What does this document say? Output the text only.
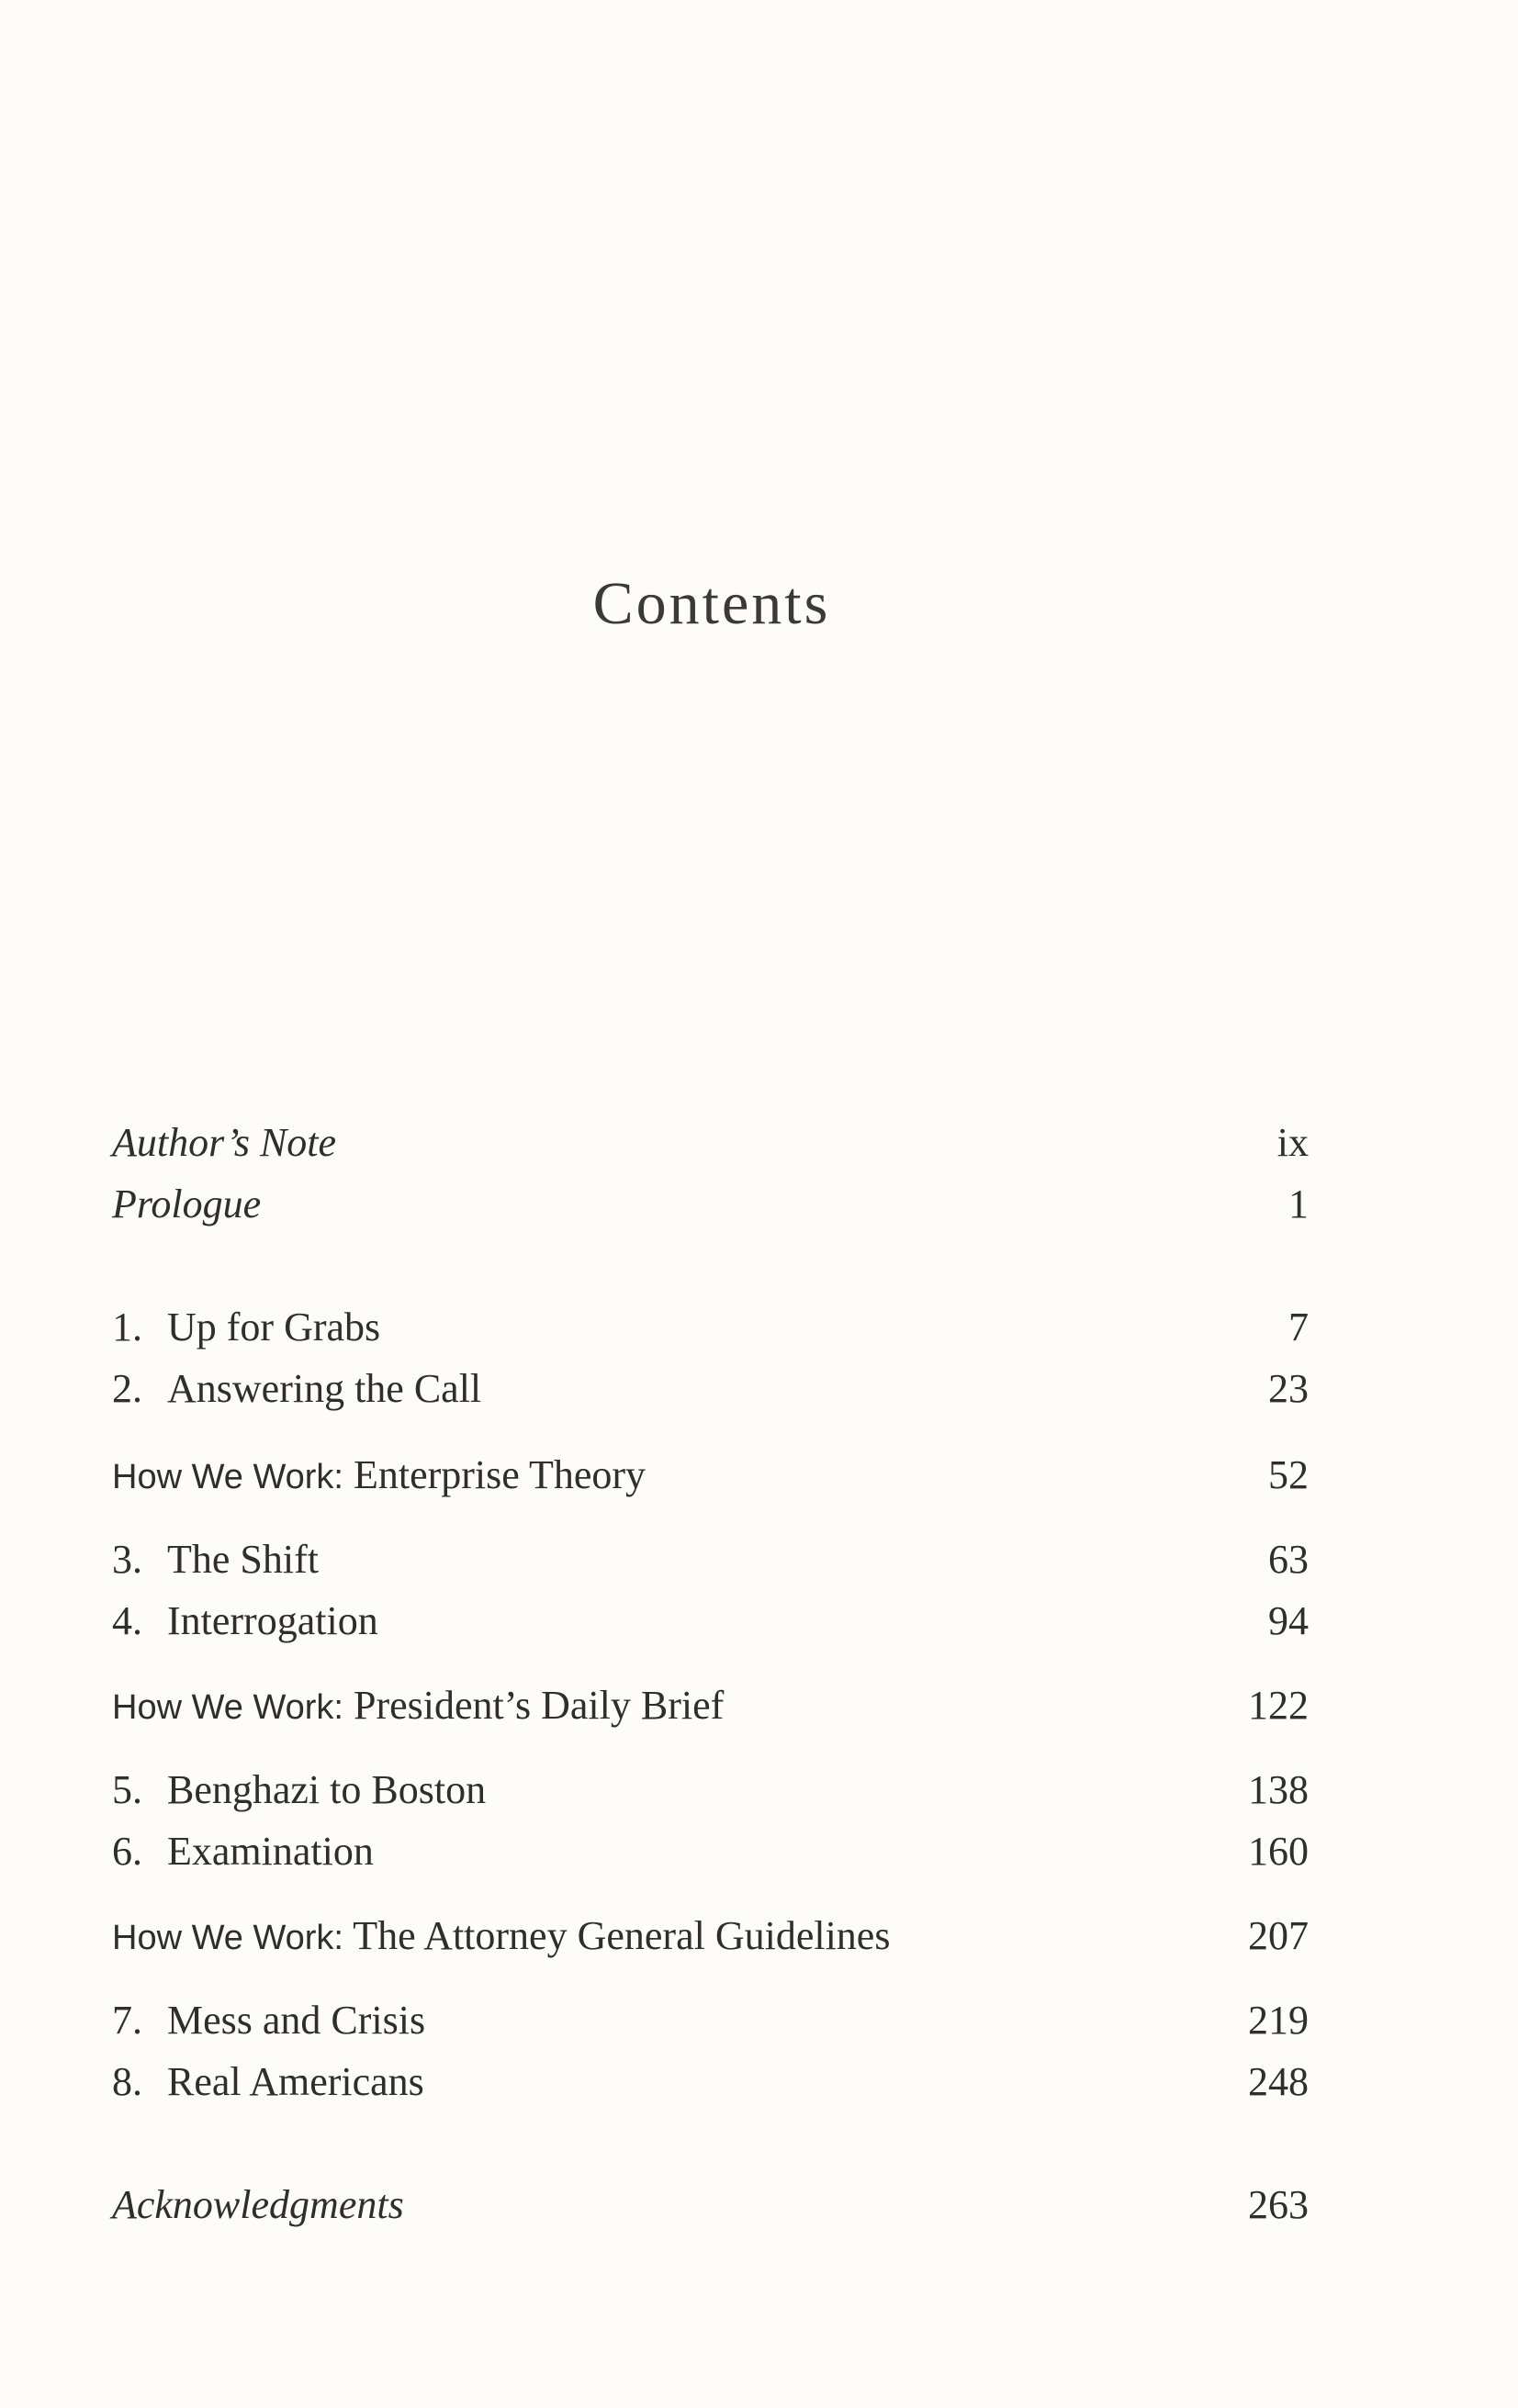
Contents
Author’s Note	ix
Prologue	1
1. Up for Grabs	7
2. Answering the Call	23
How We Work: Enterprise Theory	52
3. The Shift	63
4. Interrogation	94
How We Work: President’s Daily Brief	122
5. Benghazi to Boston	138
6. Examination	160
How We Work: The Attorney General Guidelines	207
7. Mess and Crisis	219
8. Real Americans	248
Acknowledgments	263
